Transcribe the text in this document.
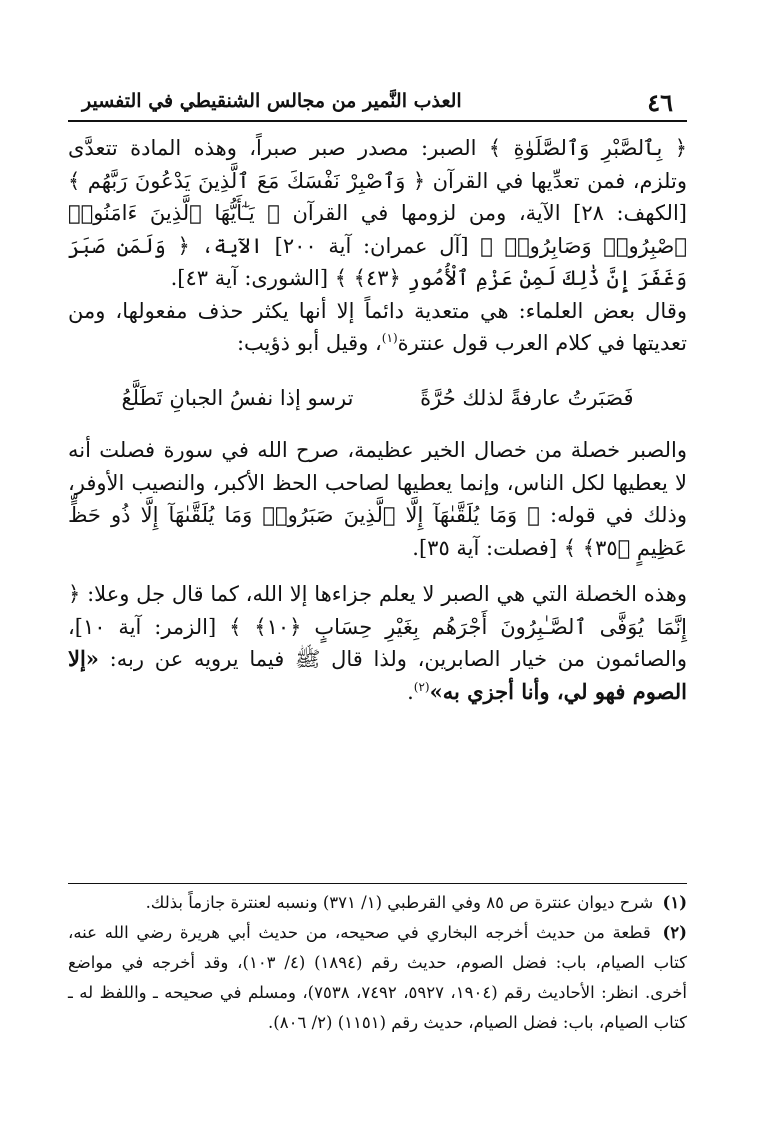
٤٦
العذب النَّمير من مجالس الشنقيطي في التفسير

﴿ بِٱلصَّبْرِ وَٱلصَّلَوٰةِ ﴾ الصبر: مصدر صبر صبراً، وهذه المادة تتعدَّى وتلزم، فمن تعدِّيها في القرآن ﴿ وَٱصْبِرْ نَفْسَكَ مَعَ ٱلَّذِينَ يَدْعُونَ رَبَّهُم ﴾ [الكهف: ٢٨] الآية، ومن لزومها في القرآن ﴿ يَـٰٓأَيُّهَا ٱلَّذِينَ ءَامَنُوا۟ ٱصْبِرُوا۟ وَصَابِرُوا۟ ﴾ [آل عمران: آية ٢٠٠] الآية، ﴿ وَلَمَن صَبَرَ وَغَفَرَ إِنَّ ذَٰلِكَ لَمِنْ عَزْمِ ٱلْأُمُورِ ﴿٤٣﴾ ﴾ [الشورى: آية ٤٣].

وقال بعض العلماء: هي متعدية دائماً إلا أنها يكثر حذف مفعولها، ومن تعديتها في كلام العرب قول عنترة$^{(١)}$، وقيل أبو ذؤيب:

فَصَبَرتُ عارفةً لذلك حُرَّةً ترسو إذا نفسُ الجبانِ تَطَلَّعُ

والصبر خصلة من خصال الخير عظيمة، صرح الله في سورة فصلت أنه لا يعطيها لكل الناس، وإنما يعطيها لصاحب الحظ الأكبر، والنصيب الأوفر، وذلك في قوله: ﴿ وَمَا يُلَقَّىٰهَآ إِلَّا ٱلَّذِينَ صَبَرُوا۟ وَمَا يُلَقَّىٰهَآ إِلَّا ذُو حَظٍّ عَظِيمٍ ﴿٣٥﴾ ﴾ [فصلت: آية ٣٥].

وهذه الخصلة التي هي الصبر لا يعلم جزاءها إلا الله، كما قال جل وعلا: ﴿ إِنَّمَا يُوَفَّى ٱلصَّـٰبِرُونَ أَجْرَهُم بِغَيْرِ حِسَابٍ ﴿١٠﴾ ﴾ [الزمر: آية ١٠]، والصائمون من خيار الصابرين، ولذا قال ﷺ فيما يرويه عن ربه: «إلا الصوم فهو لي، وأنا أجزي به»$^{(٢)}$.

(١) شرح ديوان عنترة ص ٨٥ وفي القرطبي (١/ ٣٧١) ونسبه لعنترة جازماً بذلك.

(٢) قطعة من حديث أخرجه البخاري في صحيحه، من حديث أبي هريرة رضي الله عنه، كتاب الصيام، باب: فضل الصوم، حديث رقم (١٨٩٤) (٤/ ١٠٣)، وقد أخرجه في مواضع أخرى. انظر: الأحاديث رقم (١٩٠٤، ٥٩٢٧، ٧٤٩٢، ٧٥٣٨)، ومسلم في صحيحه ـ واللفظ له ـ كتاب الصيام، باب: فضل الصيام، حديث رقم (١١٥١) (٢/ ٨٠٦).
